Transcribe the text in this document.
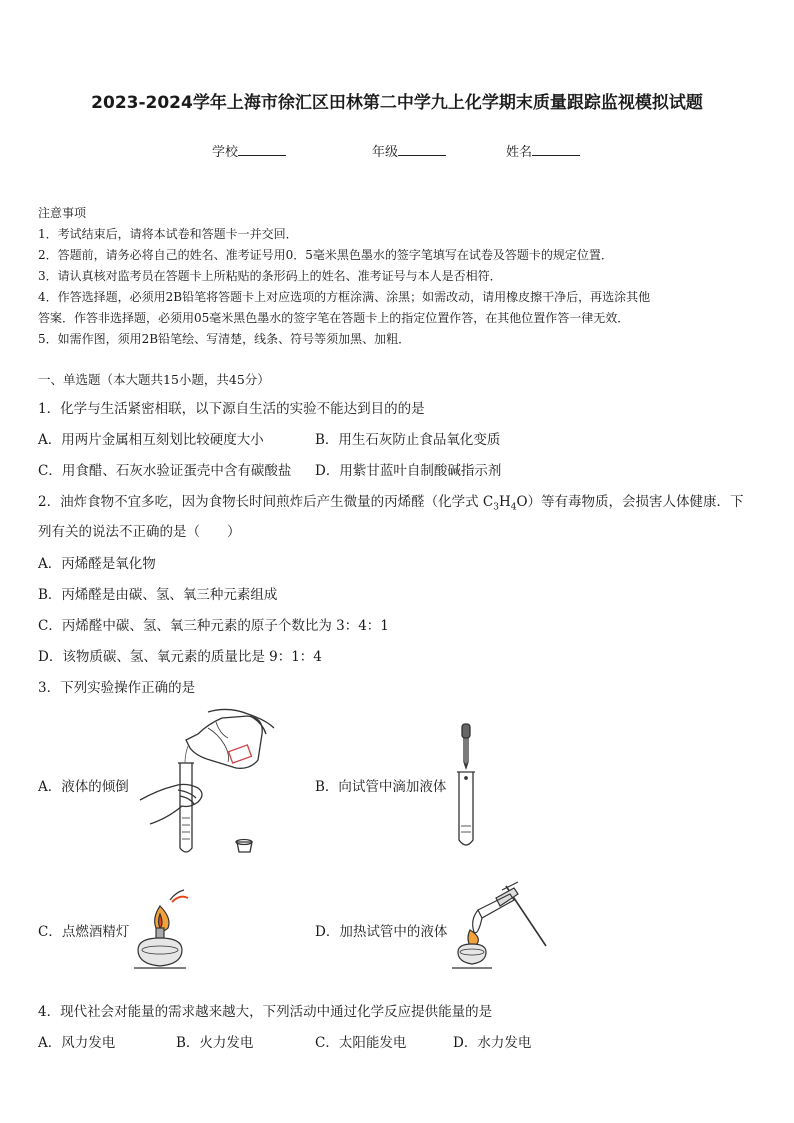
2023-2024学年上海市徐汇区田林第二中学九上化学期末质量跟踪监视模拟试题
学校	年级	姓名
注意事项
1．考试结束后，请将本试卷和答题卡一并交回．
2．答题前，请务必将自己的姓名、准考证号用0．5毫米黑色墨水的签字笔填写在试卷及答题卡的规定位置．
3．请认真核对监考员在答题卡上所粘贴的条形码上的姓名、准考证号与本人是否相符．
4．作答选择题，必须用2B铅笔将答题卡上对应选项的方框涂满、涂黑；如需改动，请用橡皮擦干净后，再选涂其他
答案．作答非选择题，必须用05毫米黑色墨水的签字笔在答题卡上的指定位置作答，在其他位置作答一律无效．
5．如需作图，须用2B铅笔绘、写清楚，线条、符号等须加黑、加粗．
一、单选题（本大题共15小题，共45分）
1．化学与生活紧密相联，以下源自生活的实验不能达到目的的是
A．用两片金属相互刻划比较硬度大小	B．用生石灰防止食品氧化变质
C．用食醋、石灰水验证蛋壳中含有碳酸盐 D．用紫甘蓝叶自制酸碱指示剂
2．油炸食物不宜多吃，因为食物长时间煎炸后产生微量的丙烯醛（化学式 $C_3H_4O$）等有毒物质，会损害人体健康．下
列有关的说法不正确的是（　　）
A．丙烯醛是氧化物
B．丙烯醛是由碳、氢、氧三种元素组成
C．丙烯醛中碳、氢、氧三种元素的原子个数比为 3：4：1
D．该物质碳、氢、氧元素的质量比是 9：1：4
3．下列实验操作正确的是
A．液体的倾倒	B．向试管中滴加液体
C．点燃酒精灯	D．加热试管中的液体
4．现代社会对能量的需求越来越大，下列活动中通过化学反应提供能量的是
A．风力发电	B．火力发电	C．太阳能发电	D．水力发电
